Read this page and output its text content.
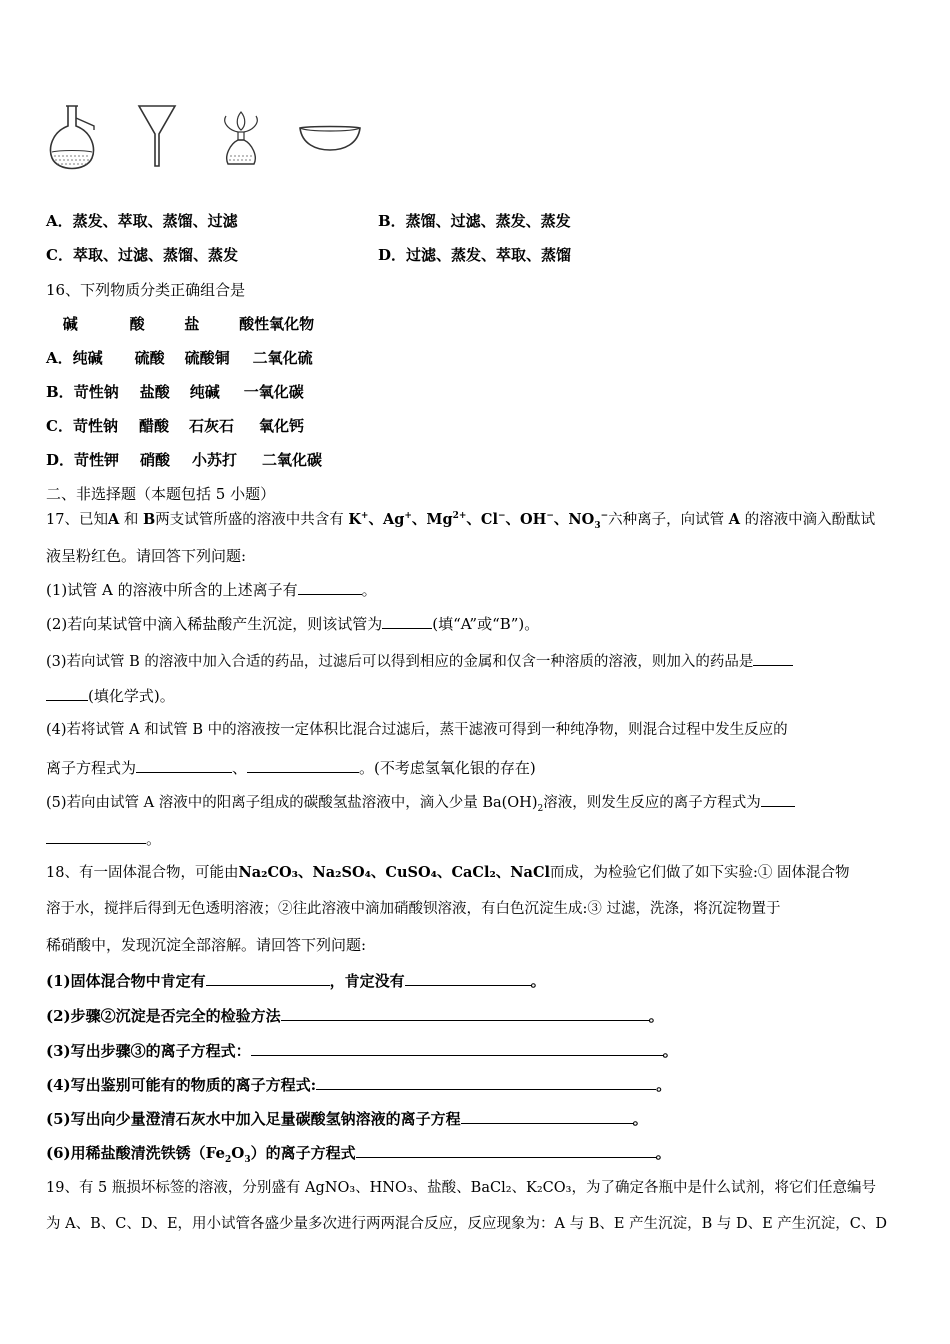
A．蒸发、萃取、蒸馏、过滤	B．蒸馏、过滤、蒸发、蒸发
C．萃取、过滤、蒸馏、蒸发	D．过滤、蒸发、萃取、蒸馏
16、下列物质分类正确组合是
碱	酸	盐	酸性氧化物
A．纯碱 硫酸 硫酸铜 二氧化硫
B．苛性钠 盐酸 纯碱 一氧化碳
C．苛性钠 醋酸 石灰石 氧化钙
D．苛性钾 硝酸 小苏打 二氧化碳
二、非选择题（本题包括 5 小题）
17、已知A 和 B两支试管所盛的溶液中共含有 K+、Ag+、$Mg^{2+}$、Cl−、OH−、$NO_3^-$六种离子，向试管 A 的溶液中滴入酚酞试
液呈粉红色。请回答下列问题:
(1)试管 A 的溶液中所含的上述离子有	。
(2)若向某试管中滴入稀盐酸产生沉淀，则该试管为	(填“A”或“B”)。
(3)若向试管 B 的溶液中加入合适的药品，过滤后可以得到相应的金属和仅含一种溶质的溶液，则加入的药品是
(填化学式)。
(4)若将试管 A 和试管 B 中的溶液按一定体积比混合过滤后，蒸干滤液可得到一种纯净物，则混合过程中发生反应的
离子方程式为	、	。(不考虑氢氧化银的存在)
(5)若向由试管 A 溶液中的阳离子组成的碳酸氢盐溶液中，滴入少量 $Ba(OH)_2$溶液，则发生反应的离子方程式为
。
18、有一固体混合物，可能由Na₂CO₃、Na₂SO₄、CuSO₄、CaCl₂、NaCl而成，为检验它们做了如下实验:① 固体混合物
溶于水，搅拌后得到无色透明溶液；②往此溶液中滴加硝酸钡溶液，有白色沉淀生成:③ 过滤，洗涤，将沉淀物置于
稀硝酸中，发现沉淀全部溶解。请回答下列问题:
(1)固体混合物中肯定有	，肯定没有	。
(2)步骤②沉淀是否完全的检验方法	。
(3)写出步骤③的离子方程式：	。
(4)写出鉴别可能有的物质的离子方程式:	。
(5)写出向少量澄清石灰水中加入足量碳酸氢钠溶液的离子方程	。
(6)用稀盐酸清洗铁锈$(Fe_2O_3)$的离子方程式	。
19、有 5 瓶损坏标签的溶液，分别盛有 AgNO₃、HNO₃、盐酸、BaCl₂、K₂CO₃，为了确定各瓶中是什么试剂，将它们任意编号
为 A、B、C、D、E，用小试管各盛少量多次进行两两混合反应，反应现象为：A 与 B、E 产生沉淀，B 与 D、E 产生沉淀，C、D
